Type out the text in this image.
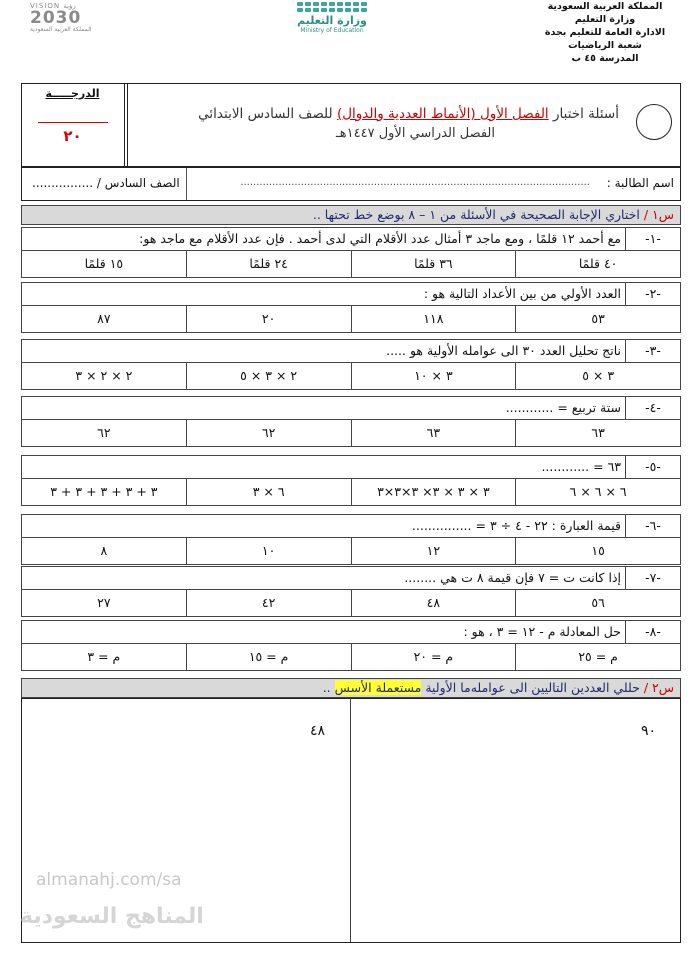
المملكة العربية السعودية
وزارة التعليم
الادارة العامة للتعليم بجدة
شعبة الرياضيات
المدرسة ٤٥ ب
وزارة التعليم
Ministry of Education
VISION رؤية
2030
المملكة العربية السعودية
الدرجـــــة
٢٠
أسئلة اختبار الفصل الأول (الأنماط العددية والدوال) للصف السادس الابتدائي
الفصل الدراسي الأول ١٤٤٧هـ
اسم الطالبة :
..............................................................................................................
الصف السادس / ................
س١ / اختاري الإجابة الصحيحة في الأسئلة من ١ – ٨ بوضع خط تحتها ..
-١-
مع أحمد ١٢ قلمًا ، ومع ماجد ٣ أمثال عدد الأقلام التي لدى أحمد . فإن عدد الأقلام مع ماجد هو:
٤٠ قلمًا
٣٦ قلمًا
٢٤ قلمًا
١٥ قلمًا
-٢-
العدد الأولي من بين الأعداد التالية هو :
٥٣
١١٨
٢٠
٨٧
-٣-
ناتج تحليل العدد ٣٠ الى عوامله الأولية هو .....
٣ × ٥
٣ × ١٠
٢ × ٣ × ٥
٢ × ٢ × ٣
-٤-
ستة تربيع = ............
٦٣
٦٣
٦٢
٦٢
-٥-
٦٣ = ............
٦ × ٦ × ٦
٣ × ٣ × ٣× ٣×٣×٣
٦ × ٣
٣ + ٣ + ٣ + ٣ + ٣
-٦-
قيمة العبارة : ٢٢ - ٤ ÷ ٣ = ...............
١٥
١٢
١٠
٨
-٧-
إذا كانت ت = ٧ فإن قيمة ٨ ت هي ........
٥٦
٤٨
٤٢
٢٧
-٨-
حل المعادلة م - ١٢ = ٣ ، هو :
م = ٢٥
م = ٢٠
م = ١٥
م = ٣
س٢ / حللي العددين التاليين الى عوامله‌ما الأولية مستعملة الأسس ..
٩٠
٤٨
almanahj.com/sa
المناهج السعودية
